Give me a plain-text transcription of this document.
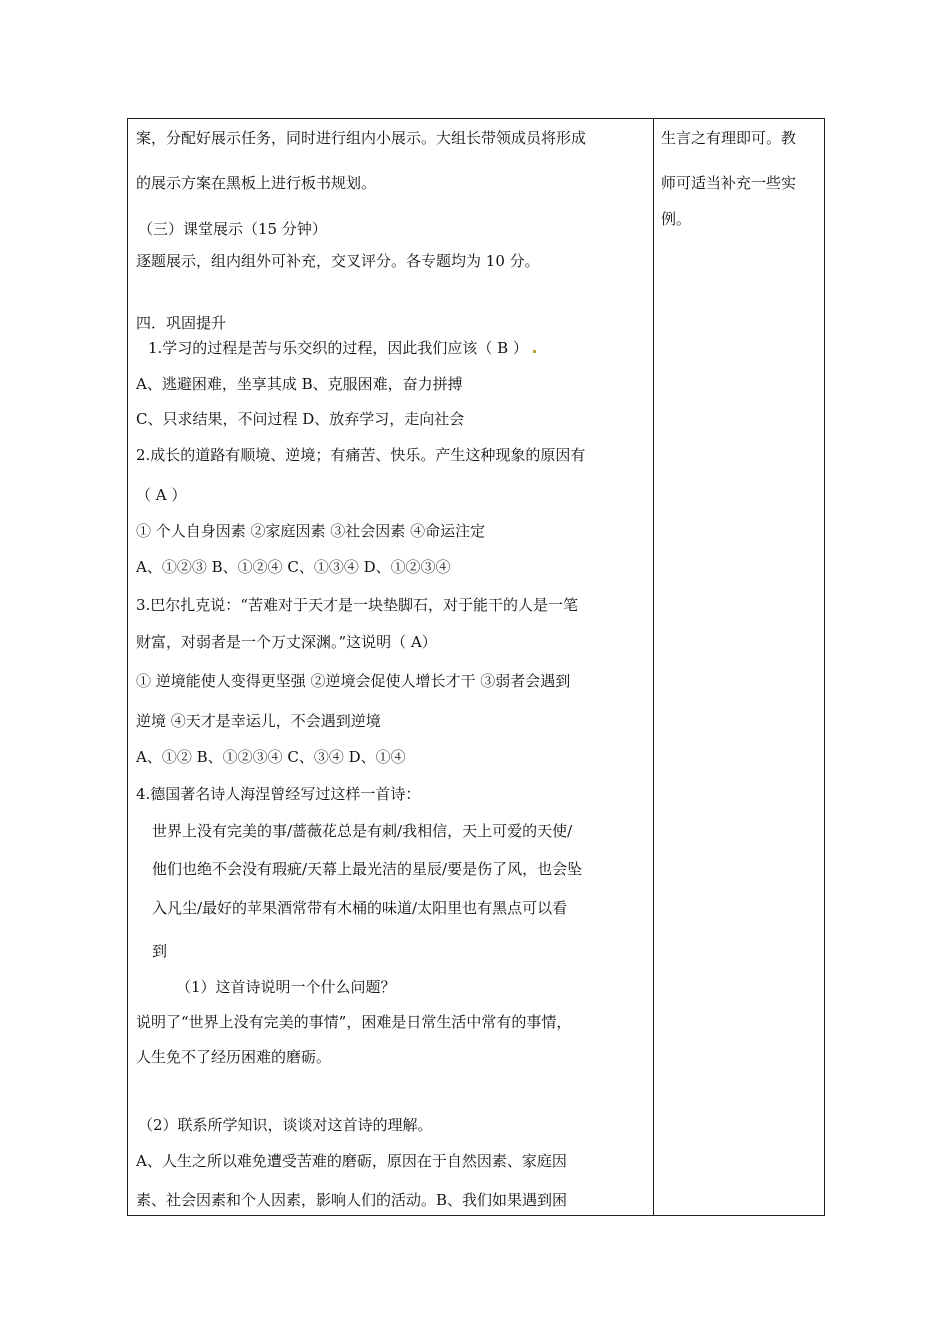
案，分配好展示任务，同时进行组内小展示。大组长带领成员将形成
的展示方案在黑板上进行板书规划。
（三）课堂展示（15 分钟）
逐题展示，组内组外可补充，交叉评分。各专题均为 10 分。
四．巩固提升
1.学习的过程是苦与乐交织的过程，因此我们应该（ B ）
A、逃避困难，坐享其成 B、克服困难，奋力拼搏
C、只求结果，不问过程 D、放弃学习，走向社会
2.成长的道路有顺境、逆境；有痛苦、快乐。产生这种现象的原因有
（ A ）
① 个人自身因素 ②家庭因素 ③社会因素 ④命运注定
A、①②③ B、①②④ C、①③④ D、①②③④
3.巴尔扎克说：“苦难对于天才是一块垫脚石，对于能干的人是一笔
财富，对弱者是一个万丈深渊。”这说明（ A）
① 逆境能使人变得更坚强 ②逆境会促使人增长才干 ③弱者会遇到
逆境 ④天才是幸运儿，不会遇到逆境
A、①② B、①②③④ C、③④ D、①④
4.德国著名诗人海涅曾经写过这样一首诗：
世界上没有完美的事/蔷薇花总是有刺/我相信，天上可爱的天使/
他们也绝不会没有瑕疵/天幕上最光洁的星辰/要是伤了风，也会坠
入凡尘/最好的苹果酒常带有木桶的味道/太阳里也有黑点可以看
到
（1）这首诗说明一个什么问题？
说明了“世界上没有完美的事情”，困难是日常生活中常有的事情，
人生免不了经历困难的磨砺。
（2）联系所学知识，谈谈对这首诗的理解。
A、人生之所以难免遭受苦难的磨砺，原因在于自然因素、家庭因
素、社会因素和个人因素，影响人们的活动。B、我们如果遇到困
生言之有理即可。教
师可适当补充一些实
例。
